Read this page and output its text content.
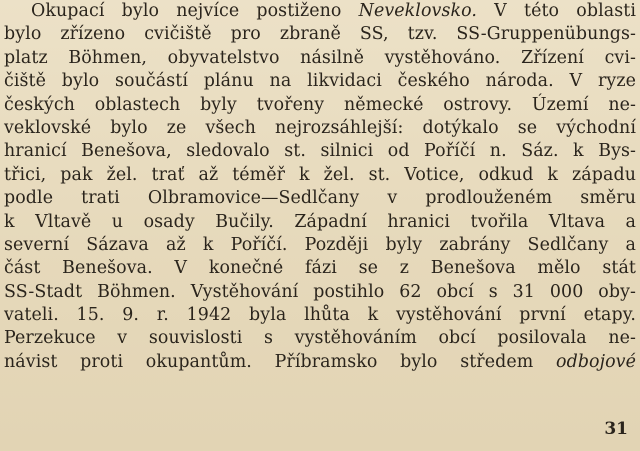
Okupací bylo nejvíce postiženo Neveklovsko. V této oblasti
bylo zřízeno cvičiště pro zbraně SS, tzv. SS-Gruppenübungs-
platz Böhmen, obyvatelstvo násilně vystěhováno. Zřízení cvi-
čiště bylo součástí plánu na likvidaci českého národa. V ryze
českých oblastech byly tvořeny německé ostrovy. Území ne-
veklovské bylo ze všech nejrozsáhlejší: dotýkalo se východní
hranicí Benešova, sledovalo st. silnici od Poříčí n. Sáz. k Bys-
třici, pak žel. trať až téměř k žel. st. Votice, odkud k západu
podle trati Olbramovice—Sedlčany v prodlouženém směru
k Vltavě u osady Bučily. Západní hranici tvořila Vltava a
severní Sázava až k Poříčí. Později byly zabrány Sedlčany a
část Benešova. V konečné fázi se z Benešova mělo stát
SS-Stadt Böhmen. Vystěhování postihlo 62 obcí s 31 000 oby-
vateli. 15. 9. r. 1942 byla lhůta k vystěhování první etapy.
Perzekuce v souvislosti s vystěhováním obcí posilovala ne-
návist proti okupantům. Příbramsko bylo středem odbojové
31
